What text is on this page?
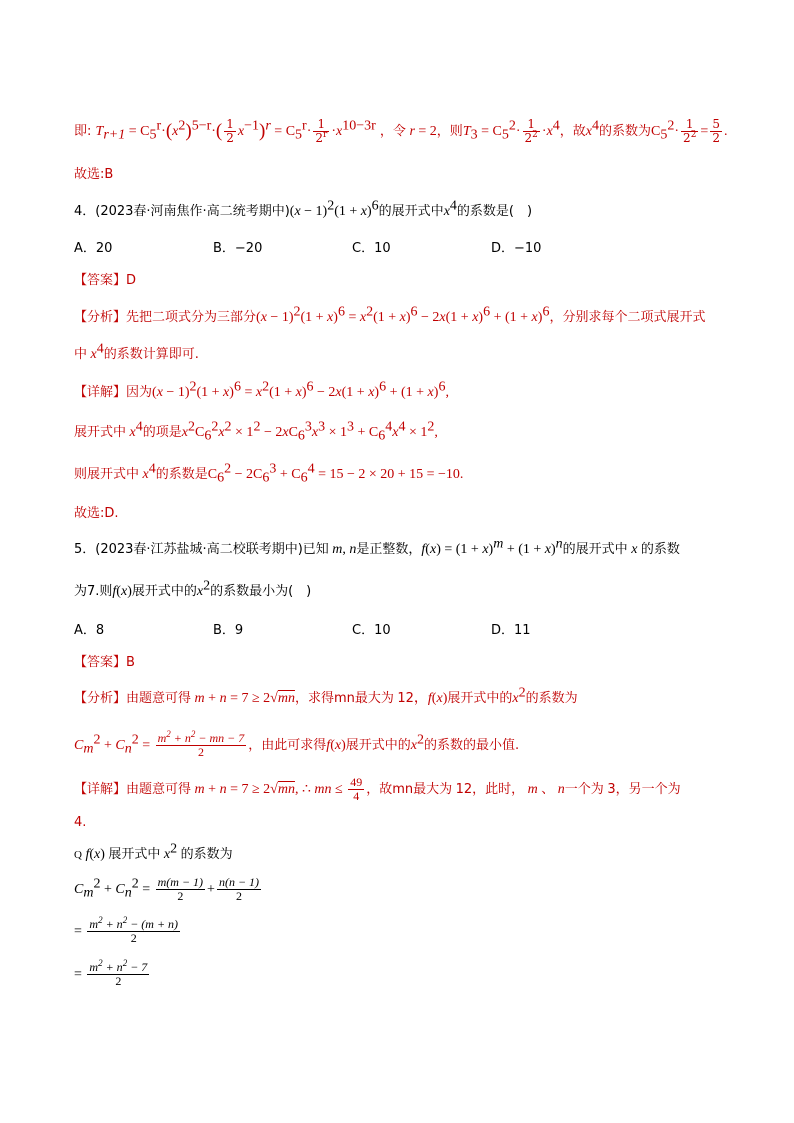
即: $T_{r+1} = C_5^r\cdot(x^2)^{5-r}\cdot( \frac{1}{2} x^{-1})^r = C_5^r\cdot \frac{1}{2^r} \cdot x^{10-3r}$ ，令 r = 2，则$T_3 = C_5^2\cdot \frac{1}{2^2} \cdot x^4$，故$x^4$的系数为$C_5^2\cdot \frac{1}{2^2} = \frac{5}{2}$ .
故选:B
4．(2023春·河南焦作·高二统考期中)$(x - 1)^2(1 + x)^6$的展开式中$x^4$的系数是(　)
A．20	B．−20	C．10	D．−10
【答案】D
【分析】先把二项式分为三部分$(x - 1)^2(1 + x)^6 = x^2(1 + x)^6 - 2x(1 + x)^6 + (1 + x)^6$，分别求每个二项式展开式
中 $x^4$的系数计算即可.
【详解】因为$(x - 1)^2(1 + x)^6 = x^2(1 + x)^6 - 2x(1 + x)^6 + (1 + x)^6$,
展开式中 $x^4$的项是$x^2C_6^2x^2 \times 1^2 - 2xC_6^3x^3 \times 1^3 + C_6^4x^4 \times 1^2$,
则展开式中 $x^4$的系数是$C_6^2 - 2C_6^3 + C_6^4 = 15 - 2 \times 20 + 15 = -10$.
故选:D.
5．(2023春·江苏盐城·高二校联考期中)已知 m, n是正整数，$f(x) = (1 + x)^m + (1 + x)^n$的展开式中 x 的系数
为7.则f(x)展开式中的$x^2$的系数最小为(　)
A．8	B．9	C．10	D．11
【答案】B
【分析】由题意可得 m + n = 7 ≥ 2√mn，求得mn最大为 12，f(x)展开式中的$x^2$的系数为
$C_m^2 + C_n^2 = \frac{m^2 + n^2 - mn - 7}{2}$ ，由此可求得f(x)展开式中的$x^2$的系数的最小值.
【详解】由题意可得 m + n = 7 ≥ 2√mn, ∴ mn ≤ $\frac{49}{4}$ ，故mn最大为 12，此时， m 、 n一个为 3，另一个为
4.
Q f(x) 展开式中 $x^2$ 的系数为
$C_m^2 + C_n^2 = \frac{m(m - 1)}{2} + \frac{n(n - 1)}{2}$
= $\frac{m^2 + n^2 - (m + n)}{2}$
= $\frac{m^2 + n^2 - 7}{2}$
